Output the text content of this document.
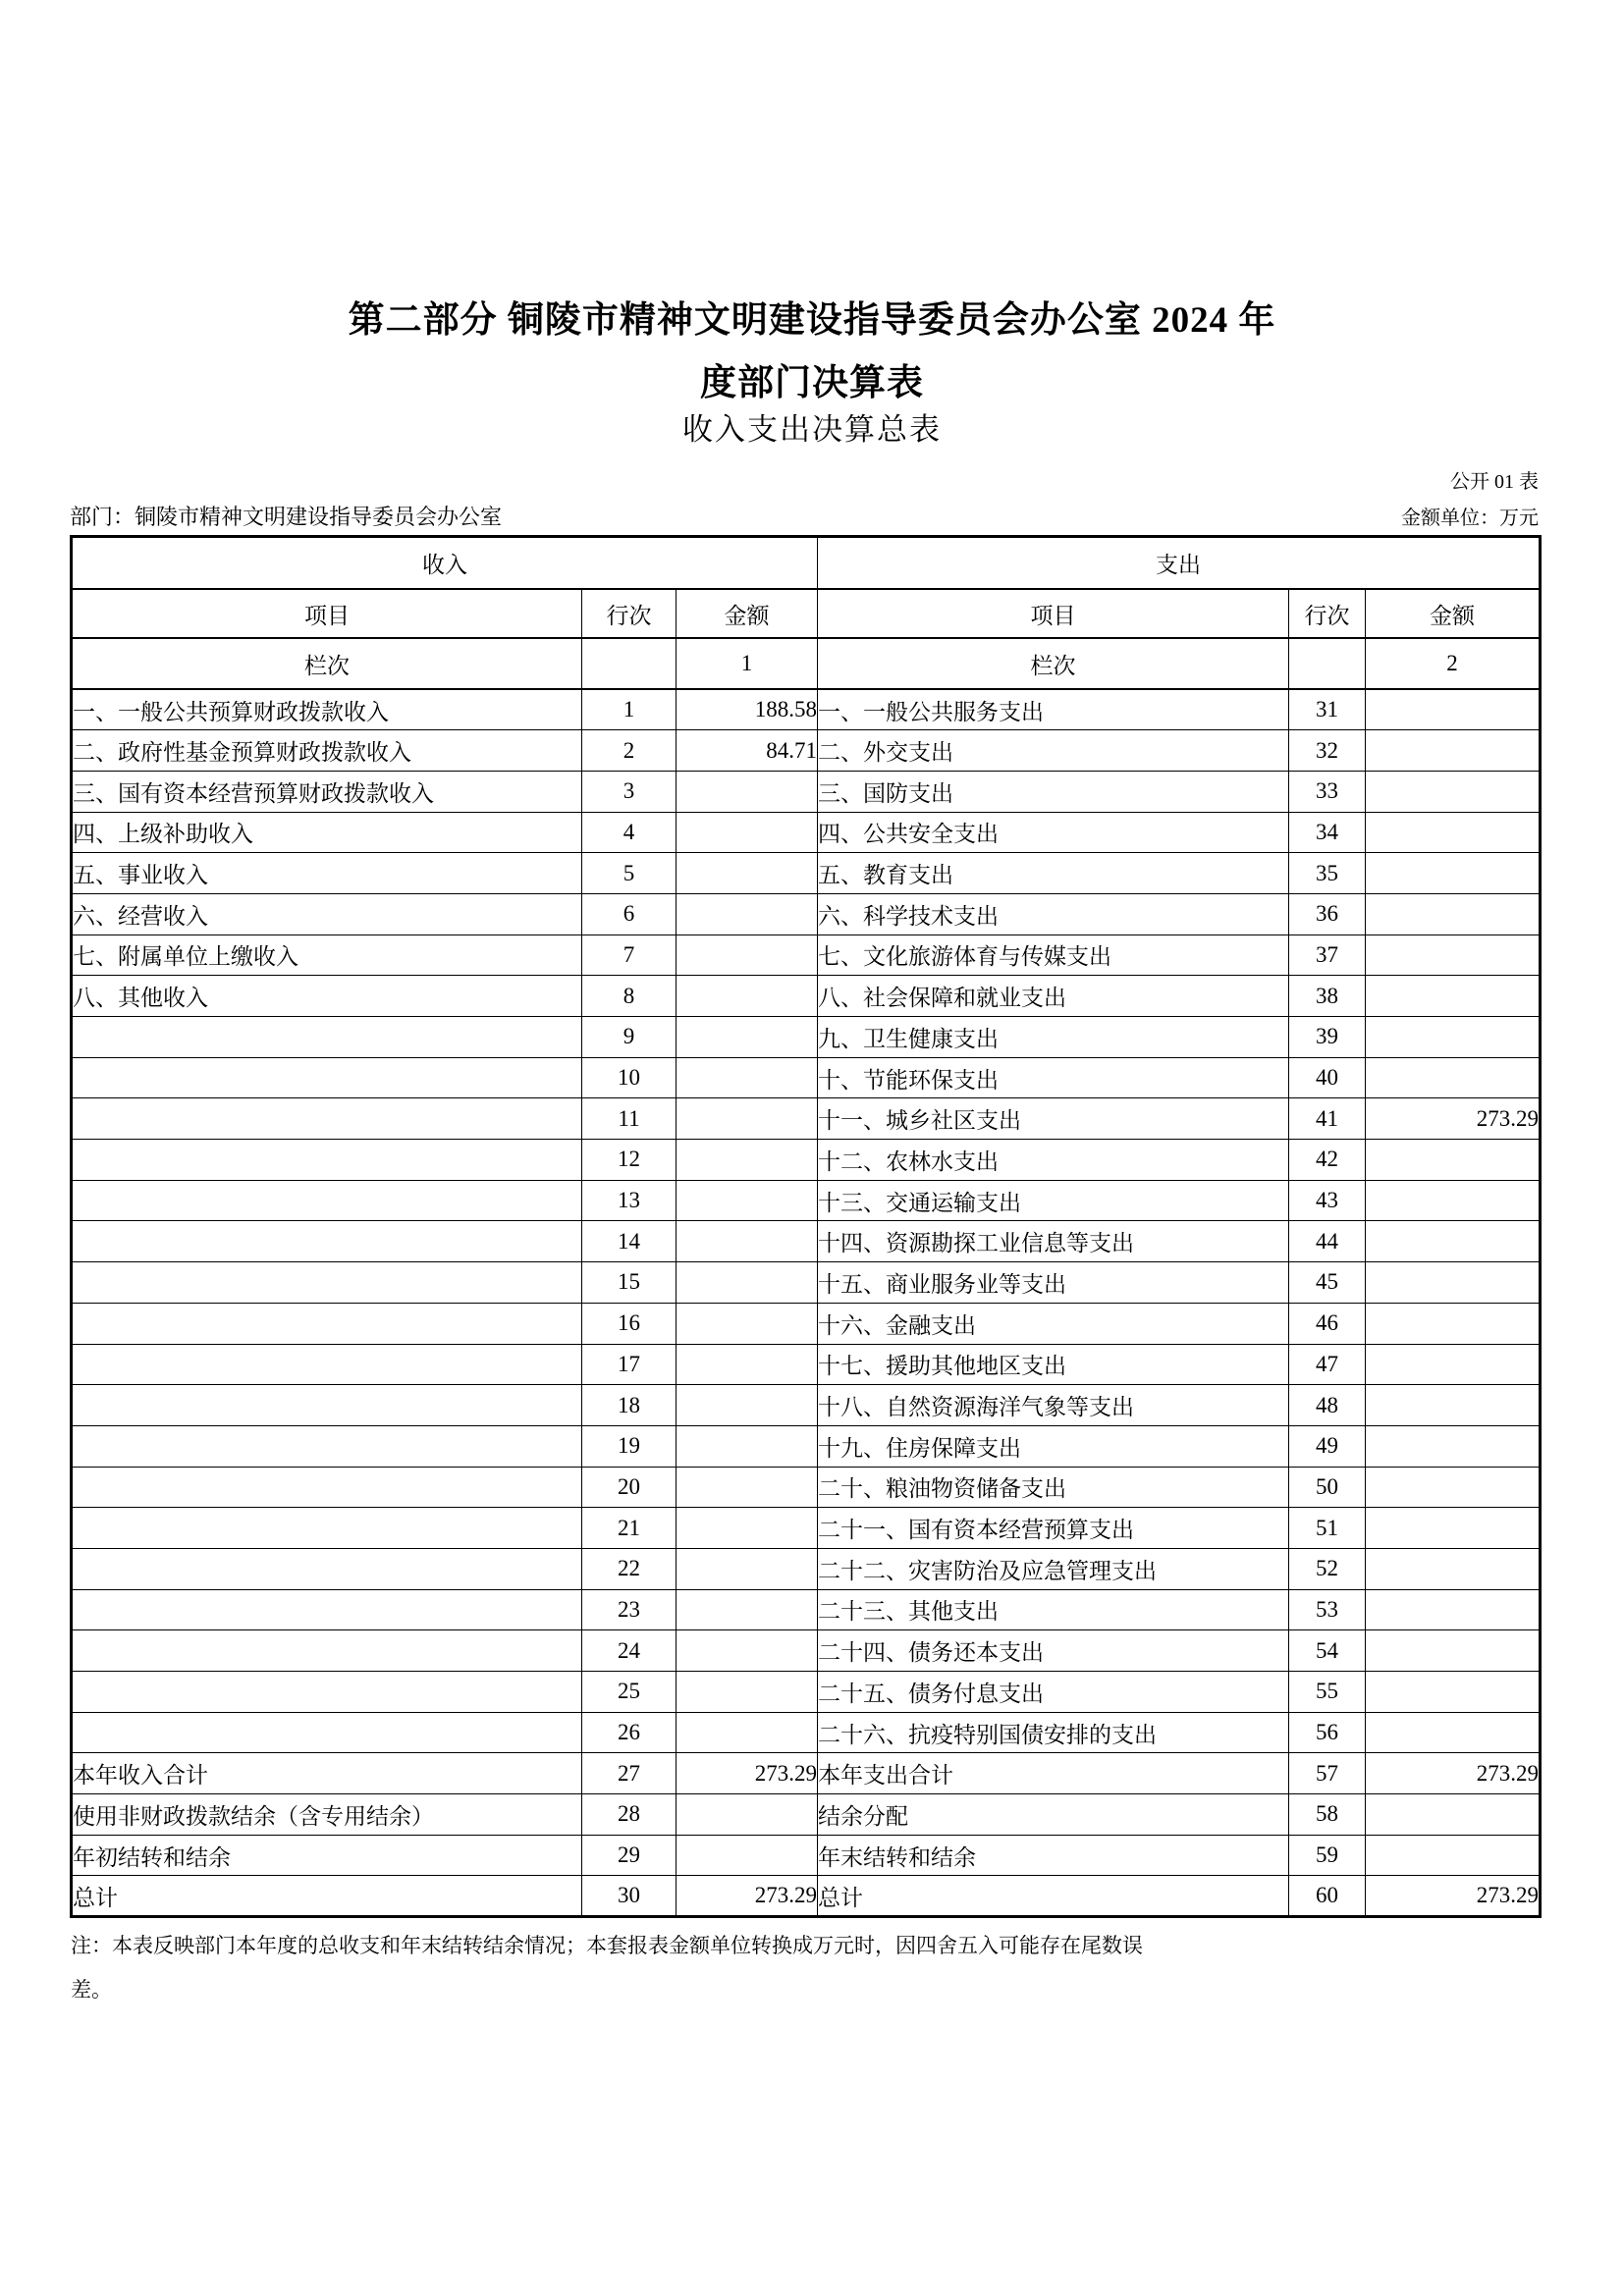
第二部分 铜陵市精神文明建设指导委员会办公室 2024 年
度部门决算表
收入支出决算总表
公开 01 表
部门：铜陵市精神文明建设指导委员会办公室	金额单位：万元
收入			支出		
项目	行次	金额	项目	行次	金额
栏次		1	栏次		2
一、一般公共预算财政拨款收入	1	188.58	一、一般公共服务支出	31	
二、政府性基金预算财政拨款收入	2	84.71	二、外交支出	32	
三、国有资本经营预算财政拨款收入	3		三、国防支出	33	
四、上级补助收入	4		四、公共安全支出	34	
五、事业收入	5		五、教育支出	35	
六、经营收入	6		六、科学技术支出	36	
七、附属单位上缴收入	7		七、文化旅游体育与传媒支出	37	
八、其他收入	8		八、社会保障和就业支出	38	
	9		九、卫生健康支出	39	
	10		十、节能环保支出	40	
	11		十一、城乡社区支出	41	273.29
	12		十二、农林水支出	42	
	13		十三、交通运输支出	43	
	14		十四、资源勘探工业信息等支出	44	
	15		十五、商业服务业等支出	45	
	16		十六、金融支出	46	
	17		十七、援助其他地区支出	47	
	18		十八、自然资源海洋气象等支出	48	
	19		十九、住房保障支出	49	
	20		二十、粮油物资储备支出	50	
	21		二十一、国有资本经营预算支出	51	
	22		二十二、灾害防治及应急管理支出	52	
	23		二十三、其他支出	53	
	24		二十四、债务还本支出	54	
	25		二十五、债务付息支出	55	
	26		二十六、抗疫特别国债安排的支出	56	
本年收入合计	27	273.29	本年支出合计	57	273.29
使用非财政拨款结余（含专用结余）	28		结余分配	58	
年初结转和结余	29		年末结转和结余	59	
总计	30	273.29	总计	60	273.29
注：本表反映部门本年度的总收支和年末结转结余情况；本套报表金额单位转换成万元时，因四舍五入可能存在尾数误
差。
